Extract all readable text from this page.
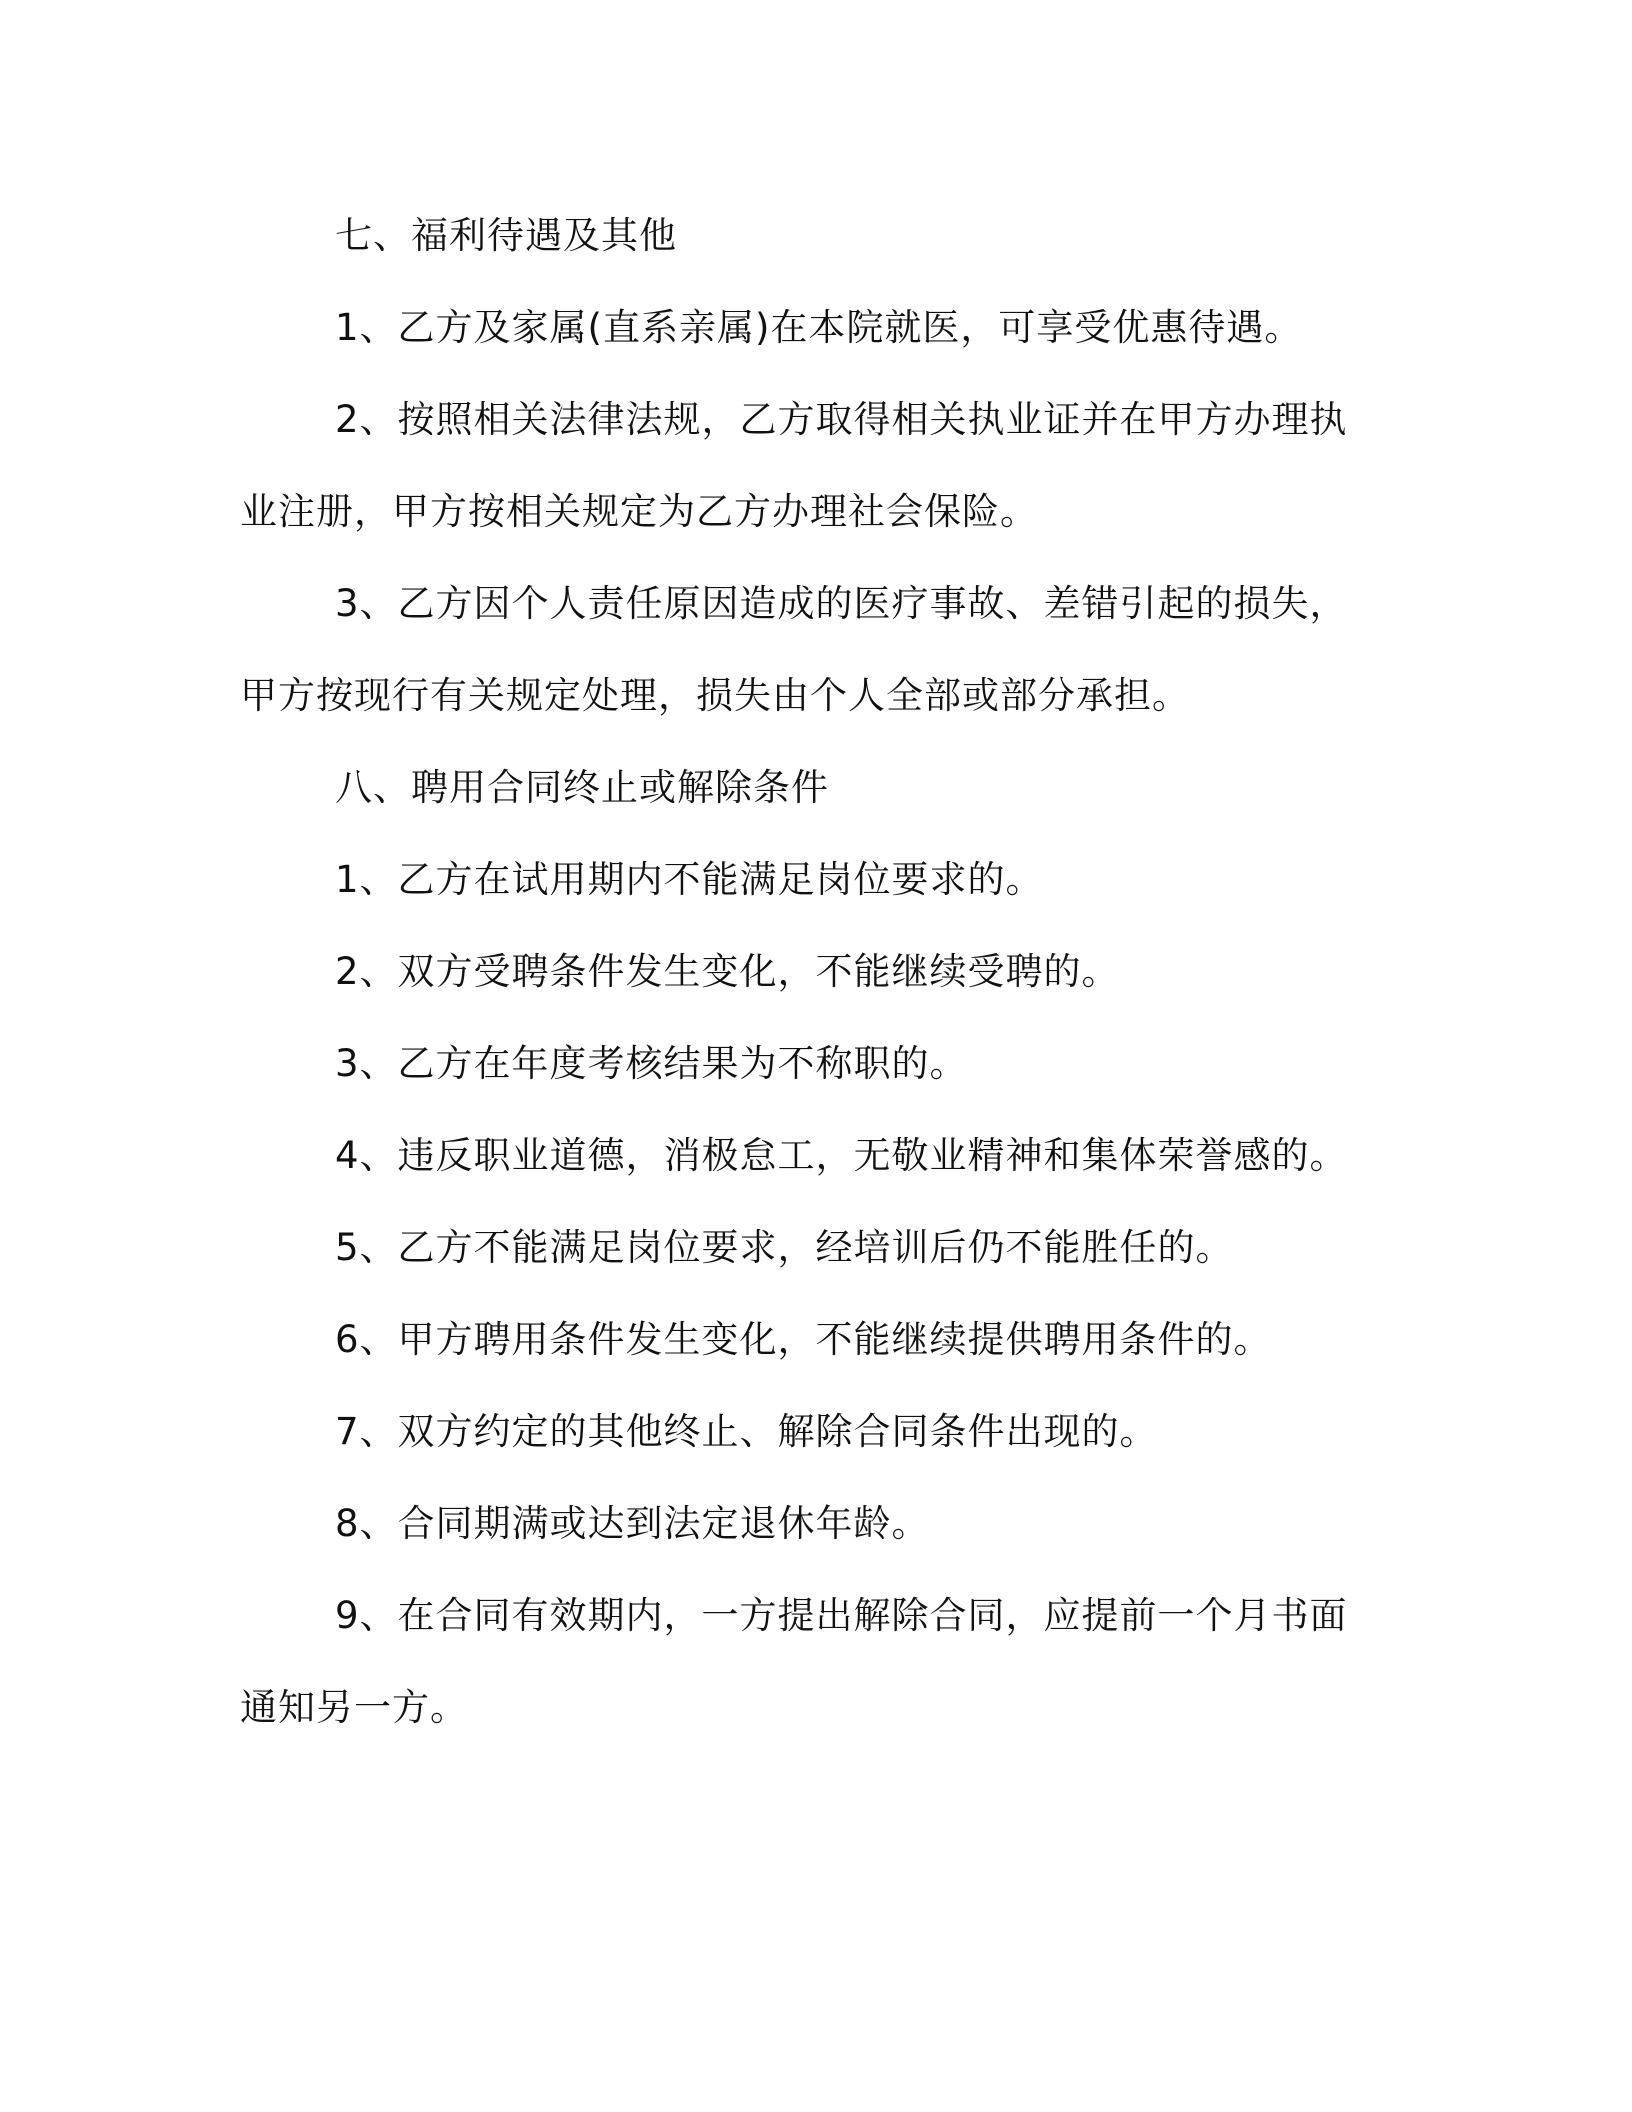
七、福利待遇及其他

1、乙方及家属(直系亲属)在本院就医，可享受优惠待遇。

2、按照相关法律法规，乙方取得相关执业证并在甲方办理执业注册，甲方按相关规定为乙方办理社会保险。

3、乙方因个人责任原因造成的医疗事故、差错引起的损失，甲方按现行有关规定处理，损失由个人全部或部分承担。

八、聘用合同终止或解除条件

1、乙方在试用期内不能满足岗位要求的。

2、双方受聘条件发生变化，不能继续受聘的。

3、乙方在年度考核结果为不称职的。

4、违反职业道德，消极怠工，无敬业精神和集体荣誉感的。

5、乙方不能满足岗位要求，经培训后仍不能胜任的。

6、甲方聘用条件发生变化，不能继续提供聘用条件的。

7、双方约定的其他终止、解除合同条件出现的。

8、合同期满或达到法定退休年龄。

9、在合同有效期内，一方提出解除合同，应提前一个月书面通知另一方。
